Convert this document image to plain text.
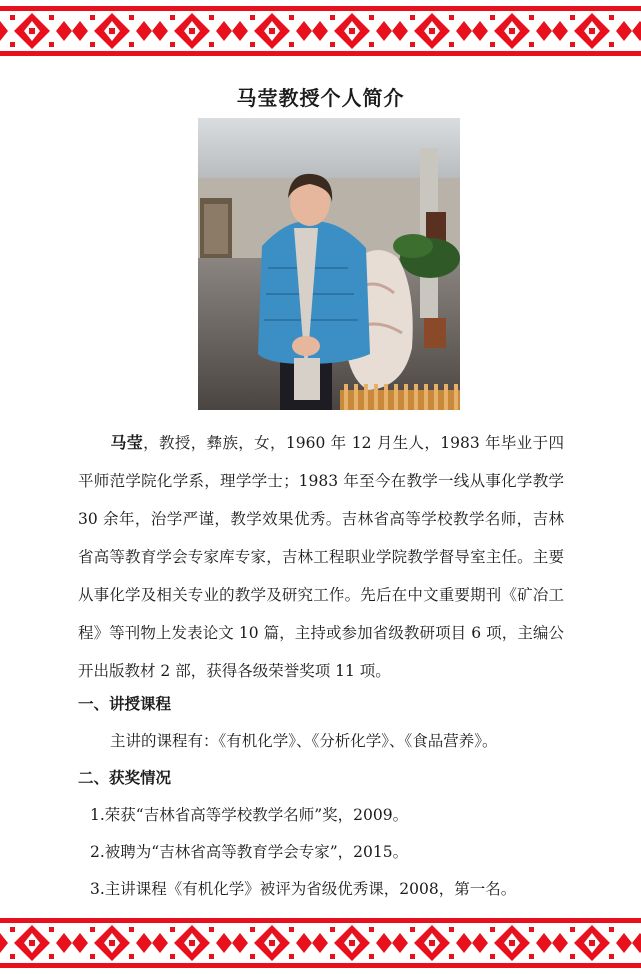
马莹教授个人简介

马莹，教授，彝族，女，1960 年 12 月生人，1983 年毕业于四平师范学院化学系，理学学士；1983 年至今在教学一线从事化学教学 30 余年，治学严谨，教学效果优秀。吉林省高等学校教学名师，吉林省高等教育学会专家库专家，吉林工程职业学院教学督导室主任。主要从事化学及相关专业的教学及研究工作。先后在中文重要期刊《矿冶工程》等刊物上发表论文 10 篇，主持或参加省级教研项目 6 项，主编公开出版教材 2 部，获得各级荣誉奖项 11 项。

一、讲授课程
主讲的课程有：《有机化学》、《分析化学》、《食品营养》。
二、获奖情况
1.荣获“吉林省高等学校教学名师”奖，2009。
2.被聘为“吉林省高等教育学会专家”，2015。
3.主讲课程《有机化学》被评为省级优秀课，2008，第一名。
